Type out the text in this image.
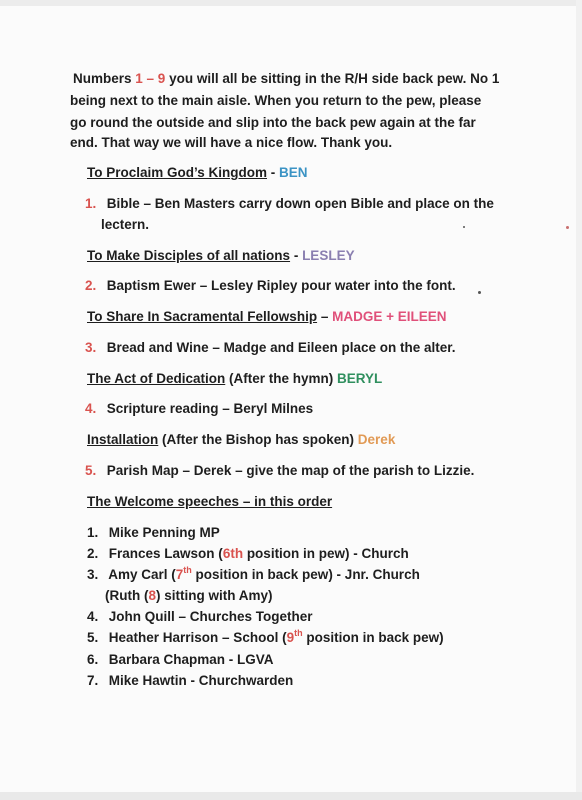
Numbers 1 – 9 you will all be sitting in the R/H side back pew. No 1
being next to the main aisle. When you return to the pew, please
go round the outside and slip into the back pew again at the far
end. That way we will have a nice flow. Thank you.
To Proclaim God’s Kingdom - BEN
1. Bible – Ben Masters carry down open Bible and place on the
lectern.
To Make Disciples of all nations - LESLEY
2. Baptism Ewer – Lesley Ripley pour water into the font.
To Share In Sacramental Fellowship – MADGE + EILEEN
3. Bread and Wine – Madge and Eileen place on the alter.
The Act of Dedication (After the hymn) BERYL
4. Scripture reading – Beryl Milnes
Installation (After the Bishop has spoken) Derek
5. Parish Map – Derek – give the map of the parish to Lizzie.
The Welcome speeches – in this order
1. Mike Penning MP
2. Frances Lawson (6th position in pew) - Church
3. Amy Carl (7th position in back pew) - Jnr. Church
(Ruth (8) sitting with Amy)
4. John Quill – Churches Together
5. Heather Harrison – School (9th position in back pew)
6. Barbara Chapman - LGVA
7. Mike Hawtin - Churchwarden
